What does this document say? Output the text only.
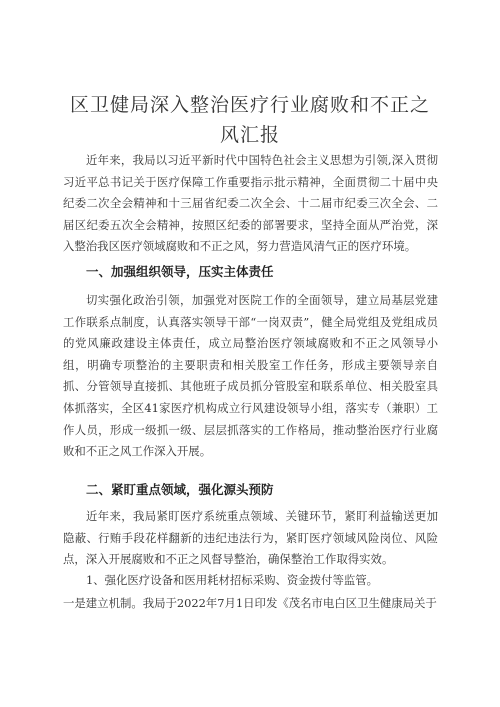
区卫健局深入整治医疗行业腐败和不正之
风汇报

近年来，我局以习近平新时代中国特色社会主义思想为引领,深入贯彻习近平总书记关于医疗保障工作重要指示批示精神，全面贯彻二十届中央纪委二次全会精神和十三届省纪委二次全会、十二届市纪委三次全会、二届区纪委五次全会精神，按照区纪委的部署要求，坚持全面从严治党，深入整治我区医疗领域腐败和不正之风，努力营造风清气正的医疗环境。

一、加强组织领导，压实主体责任

切实强化政治引领，加强党对医院工作的全面领导，建立局基层党建工作联系点制度，认真落实领导干部“一岗双责”，健全局党组及党组成员的党风廉政建设主体责任，成立局整治医疗领域腐败和不正之风领导小组，明确专项整治的主要职责和相关股室工作任务，形成主要领导亲自抓、分管领导直接抓、其他班子成员抓分管股室和联系单位、相关股室具体抓落实，全区41家医疗机构成立行风建设领导小组，落实专（兼职）工作人员，形成一级抓一级、层层抓落实的工作格局，推动整治医疗行业腐败和不正之风工作深入开展。

二、紧盯重点领域，强化源头预防

近年来，我局紧盯医疗系统重点领域、关键环节，紧盯利益输送更加隐蔽、行贿手段花样翻新的违纪违法行为，紧盯医疗领域风险岗位、风险点，深入开展腐败和不正之风督导整治，确保整治工作取得实效。

1、强化医疗设备和医用耗材招标采购、资金拨付等监管。

一是建立机制。我局于2022年7月1日印发《茂名市电白区卫生健康局关于
